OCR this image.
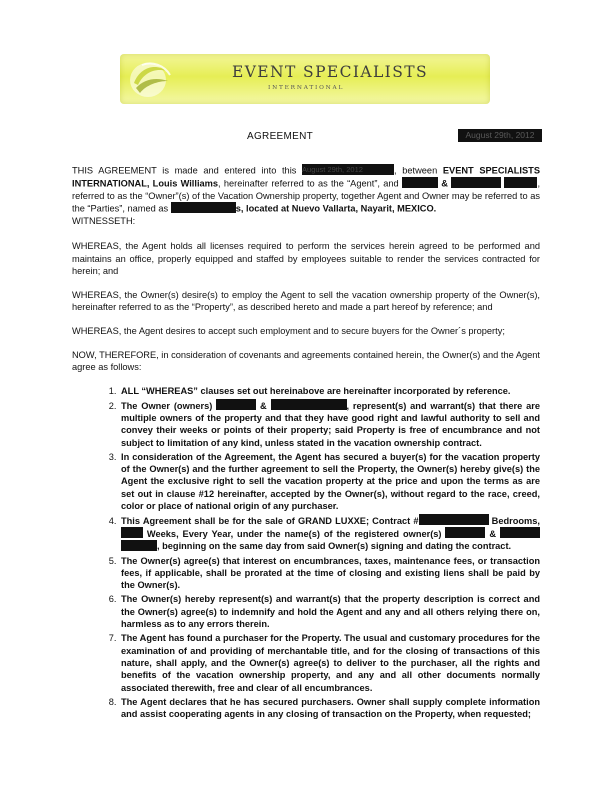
EVENT SPECIALISTS
INTERNATIONAL
AGREEMENT	August 29th, 2012

THIS AGREEMENT is made and entered into this August 29th, 2012	, between EVENT SPECIALISTS INTERNATIONAL, Louis Williams, hereinafter referred to as the “Agent”, and	&	, referred to as the “Owner”(s) of the Vacation Ownership property, together Agent and Owner may be referred to as the “Parties”, named as	s, located at Nuevo Vallarta, Nayarit, MEXICO.
WITNESSETH:

WHEREAS, the Agent holds all licenses required to perform the services herein agreed to be performed and maintains an office, properly equipped and staffed by employees suitable to render the services contracted for herein; and

WHEREAS, the Owner(s) desire(s) to employ the Agent to sell the vacation ownership property of the Owner(s), hereinafter referred to as the “Property”, as described hereto and made a part hereof by reference; and

WHEREAS, the Agent desires to accept such employment and to secure buyers for the Owner´s property;

NOW, THEREFORE, in consideration of covenants and agreements contained herein, the Owner(s) and the Agent agree as follows:

1. ALL “WHEREAS” clauses set out hereinabove are hereinafter incorporated by reference.
2. The Owner (owners)	&	, represent(s) and warrant(s) that there are multiple owners of the property and that they have good right and lawful authority to sell and convey their weeks or points of their property; said Property is free of encumbrance and not subject to limitation of any kind, unless stated in the vacation ownership contract.
3. In consideration of the Agreement, the Agent has secured a buyer(s) for the vacation property of the Owner(s) and the further agreement to sell the Property, the Owner(s) hereby give(s) the Agent the exclusive right to sell the vacation property at the price and upon the terms as are set out in clause #12 hereinafter, accepted by the Owner(s), without regard to the race, creed, color or place of national origin of any purchaser.
4. This Agreement shall be for the sale of GRAND LUXXE; Contract #	Bedrooms,  Weeks, Every Year, under the name(s) of the registered owner(s)	&  , beginning on the same day from said Owner(s) signing and dating the contract.
5. The Owner(s) agree(s) that interest on encumbrances, taxes, maintenance fees, or transaction fees, if applicable, shall be prorated at the time of closing and existing liens shall be paid by the Owner(s).
6. The Owner(s) hereby represent(s) and warrant(s) that the property description is correct and the Owner(s) agree(s) to indemnify and hold the Agent and any and all others relying there on, harmless as to any errors therein.
7. The Agent has found a purchaser for the Property. The usual and customary procedures for the examination of and providing of merchantable title, and for the closing of transactions of this nature, shall apply, and the Owner(s) agree(s) to deliver to the purchaser, all the rights and benefits of the vacation ownership property, and any and all other documents normally associated therewith, free and clear of all encumbrances.
8. The Agent declares that he has secured purchasers. Owner shall supply complete information and assist cooperating agents in any closing of transaction on the Property, when requested;
